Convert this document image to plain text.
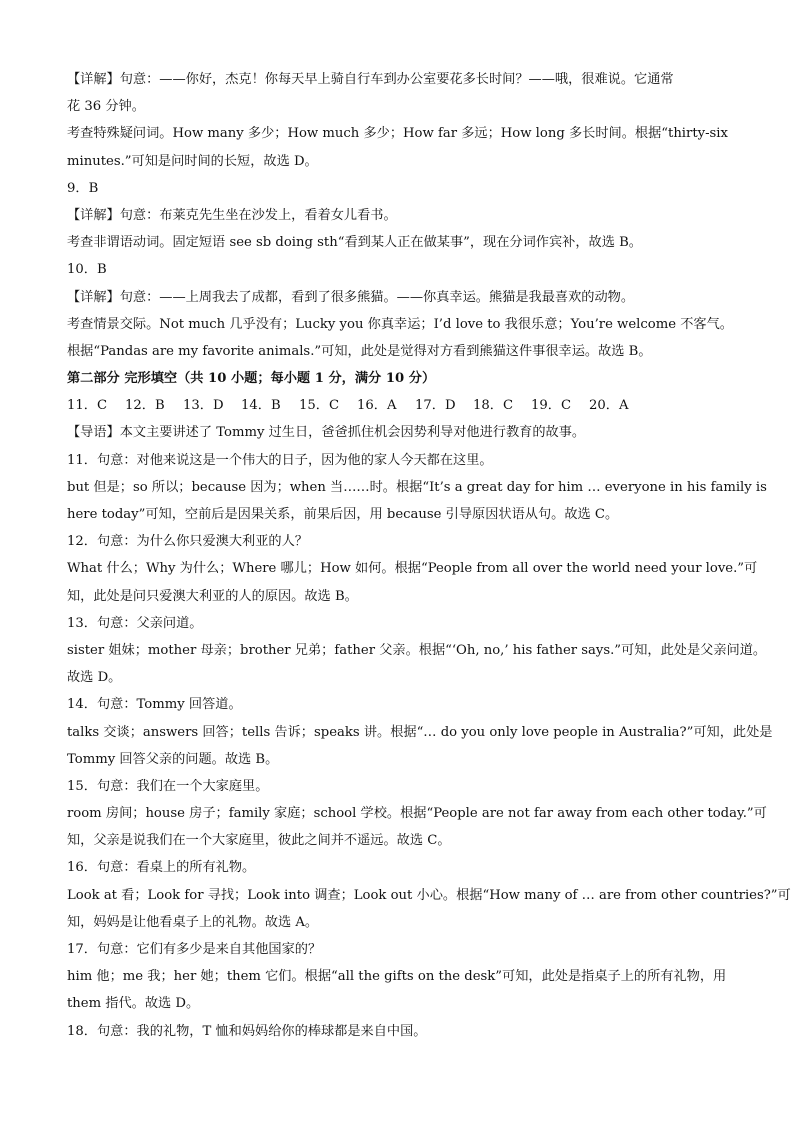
【详解】句意：——你好，杰克！你每天早上骑自行车到办公室要花多长时间？——哦，很难说。它通常
花 36 分钟。
考查特殊疑问词。How many 多少；How much 多少；How far 多远；How long 多长时间。根据“thirty-six
minutes.”可知是问时间的长短，故选 D。
9．B
【详解】句意：布莱克先生坐在沙发上，看着女儿看书。
考查非谓语动词。固定短语 see sb doing sth“看到某人正在做某事”，现在分词作宾补，故选 B。
10．B
【详解】句意：——上周我去了成都，看到了很多熊猫。——你真幸运。熊猫是我最喜欢的动物。
考查情景交际。Not much 几乎没有；Lucky you 你真幸运；I’d love to 我很乐意；You’re welcome 不客气。
根据“Pandas are my favorite animals.”可知，此处是觉得对方看到熊猫这件事很幸运。故选 B。
第二部分 完形填空（共 10 小题；每小题 1 分，满分 10 分）
11．C	12．B	13．D	14．B	15．C	16．A	17．D	18．C	19．C	20．A
【导语】本文主要讲述了 Tommy 过生日，爸爸抓住机会因势利导对他进行教育的故事。
11．句意：对他来说这是一个伟大的日子，因为他的家人今天都在这里。
but 但是；so 所以；because 因为；when 当……时。根据“It’s a great day for him … everyone in his family is
here today”可知，空前后是因果关系，前果后因，用 because 引导原因状语从句。故选 C。
12．句意：为什么你只爱澳大利亚的人？
What 什么；Why 为什么；Where 哪儿；How 如何。根据“People from all over the world need your love.”可
知，此处是问只爱澳大利亚的人的原因。故选 B。
13．句意：父亲问道。
sister 姐妹；mother 母亲；brother 兄弟；father 父亲。根据“‘Oh, no,’ his father says.”可知，此处是父亲问道。
故选 D。
14．句意：Tommy 回答道。
talks 交谈；answers 回答；tells 告诉；speaks 讲。根据“… do you only love people in Australia?”可知，此处是
Tommy 回答父亲的问题。故选 B。
15．句意：我们在一个大家庭里。
room 房间；house 房子；family 家庭；school 学校。根据“People are not far away from each other today.”可
知，父亲是说我们在一个大家庭里，彼此之间并不遥远。故选 C。
16．句意：看桌上的所有礼物。
Look at 看；Look for 寻找；Look into 调查；Look out 小心。根据“How many of … are from other countries?”可
知，妈妈是让他看桌子上的礼物。故选 A。
17．句意：它们有多少是来自其他国家的？
him 他；me 我；her 她；them 它们。根据“all the gifts on the desk”可知，此处是指桌子上的所有礼物，用
them 指代。故选 D。
18．句意：我的礼物，T 恤和妈妈给你的棒球都是来自中国。
